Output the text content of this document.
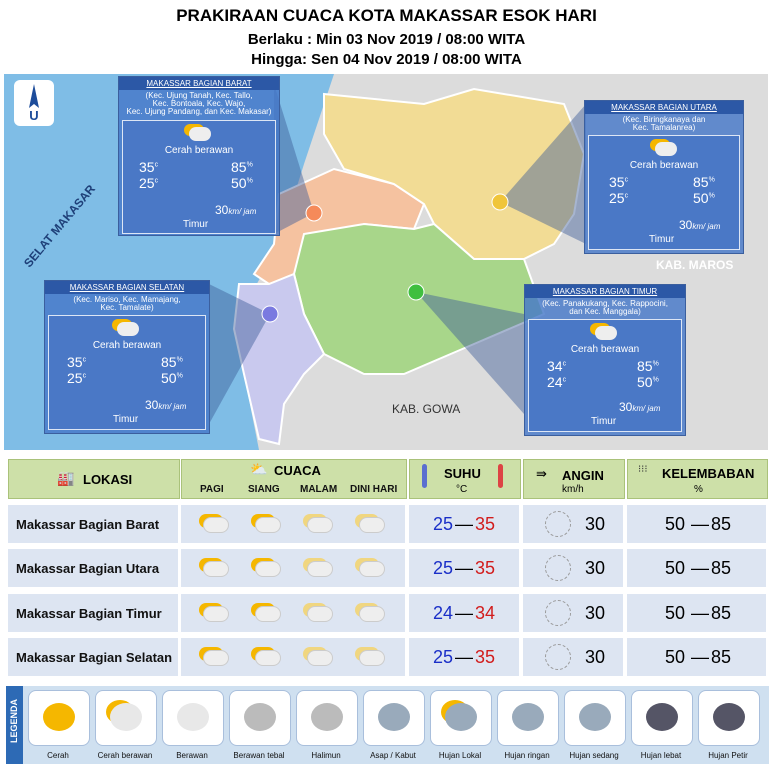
PRAKIRAAN CUACA KOTA MAKASSAR ESOK HARI
Berlaku : Min 03 Nov 2019 / 08:00 WITA
Hingga: Sen 04 Nov 2019 / 08:00 WITA
U
SELAT MAKASAR	KAB. MAROS
KAB. GOWA
MAKASSAR BAGIAN BARAT
(Kec. Ujung Tanah, Kec. Tallo,
Kec. Bontoala, Kec. Wajo,
Kec. Ujung Pandang, dan Kec. Makasar)
Cerah berawan
35$^c$
25$^c$
85%
50%
30km/ jam
Timur
MAKASSAR BAGIAN UTARA
(Kec. Biringkanaya dan
Kec. Tamalanrea)
Cerah berawan
35$^c$
25$^c$
85%
50%
30km/ jam
Timur
MAKASSAR BAGIAN SELATAN
(Kec. Mariso, Kec. Mamajang,
Kec. Tamalate)
Cerah berawan
35$^c$
25$^c$
85%
50%
30km/ jam
Timur
MAKASSAR BAGIAN TIMUR
(Kec. Panakukang, Kec. Rappocini,
dan Kec. Manggala)
Cerah berawan
34$^c$
24$^c$
85%
50%
30km/ jam
Timur
🏭 LOKASI
⛅ CUACA
PAGI SIANG MALAM DINI HARI
SUHU
°C
⇛ ANGIN
km/h
⁝⁝⁝ KELEMBABAN
%
Makassar Bagian Barat	25 — 35	30	50 — 85
Makassar Bagian Utara	25 — 35	30	50 — 85
Makassar Bagian Timur	24 — 34	30	50 — 85
Makassar Bagian Selatan	25 — 35	30	50 — 85
LEGENDA
Cerah	Cerah berawan	Berawan	Berawan tebal	Halimun	Asap / Kabut	Hujan Lokal	Hujan ringan	Hujan sedang	Hujan lebat	Hujan Petir
